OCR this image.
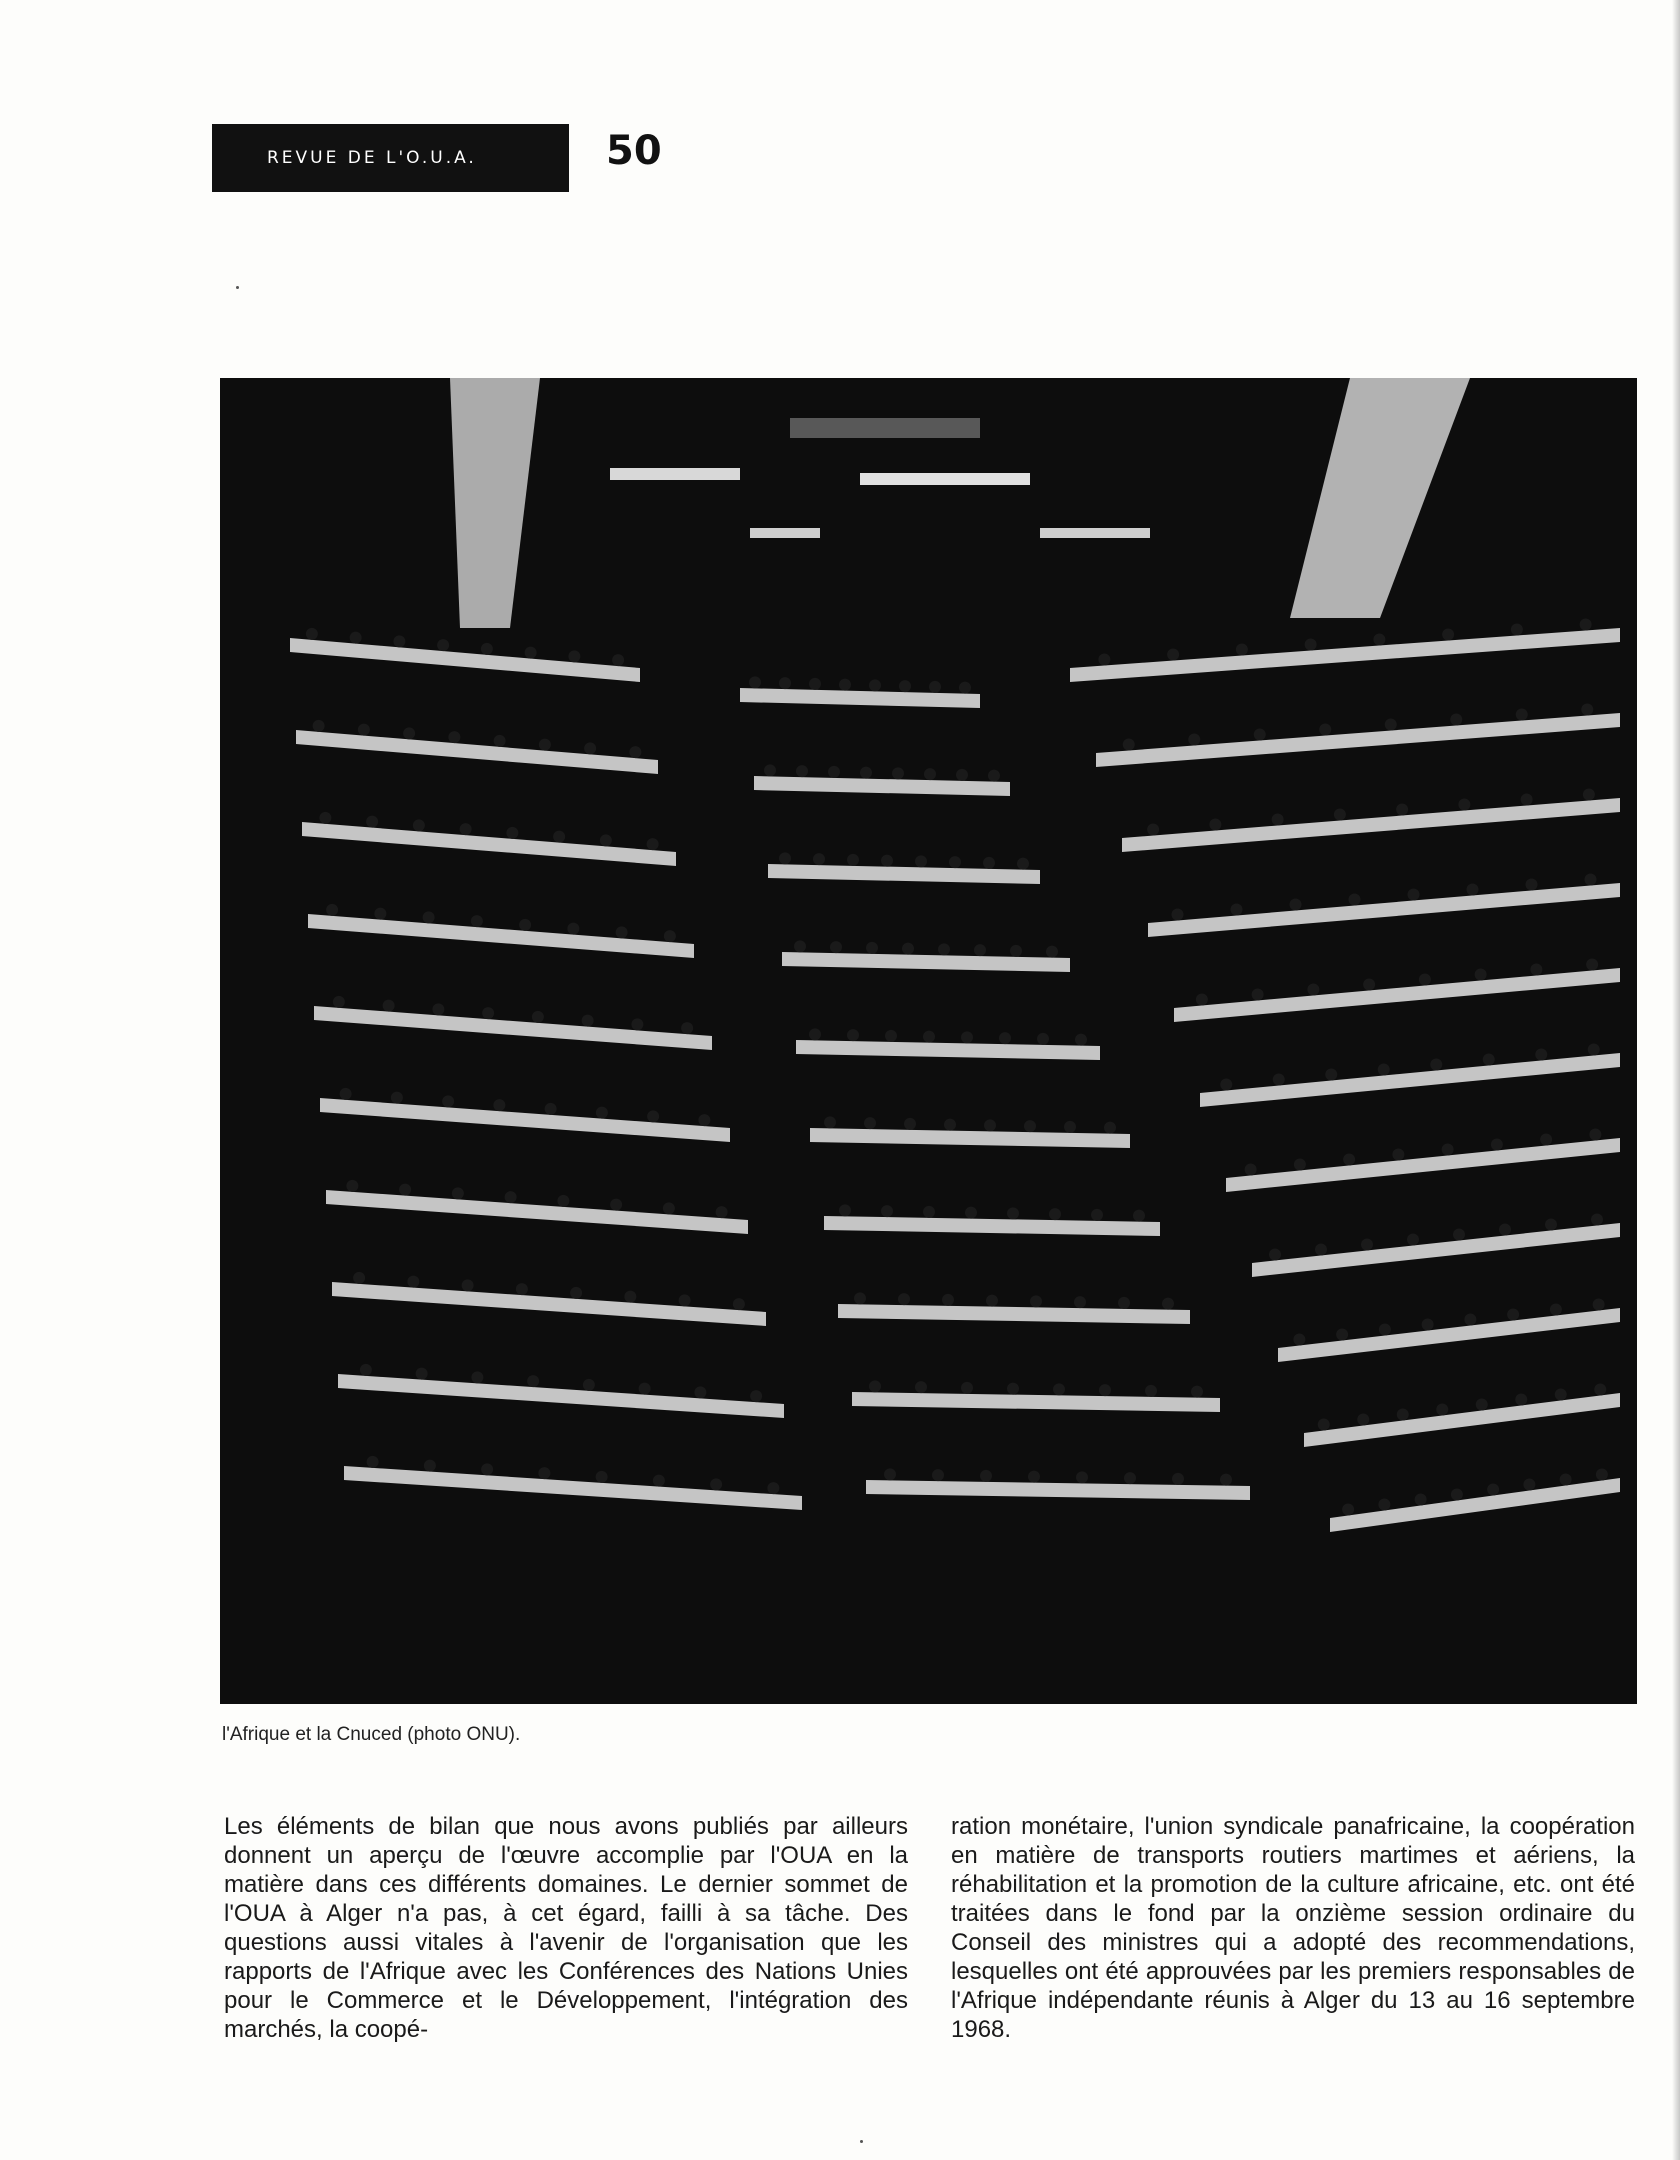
REVUE DE L'O.U.A.	50
l'Afrique et la Cnuced (photo ONU).
Les éléments de bilan que nous avons publiés par ailleurs donnent un aperçu de l'œuvre accomplie par l'OUA en la matière dans ces différents domaines. Le dernier sommet de l'OUA à Alger n'a pas, à cet égard, failli à sa tâche. Des questions aussi vitales à l'avenir de l'organisation que les rapports de l'Afrique avec les Conférences des Nations Unies pour le Commerce et le Développement, l'intégration des marchés, la coopé-
ration monétaire, l'union syndicale panafricaine, la coopération en matière de transports routiers martimes et aériens, la réhabilitation et la promotion de la culture africaine, etc. ont été traitées dans le fond par la onzième session ordinaire du Conseil des ministres qui a adopté des recommendations, lesquelles ont été approuvées par les premiers responsables de l'Afrique indépendante réunis à Alger du 13 au 16 septembre 1968.
